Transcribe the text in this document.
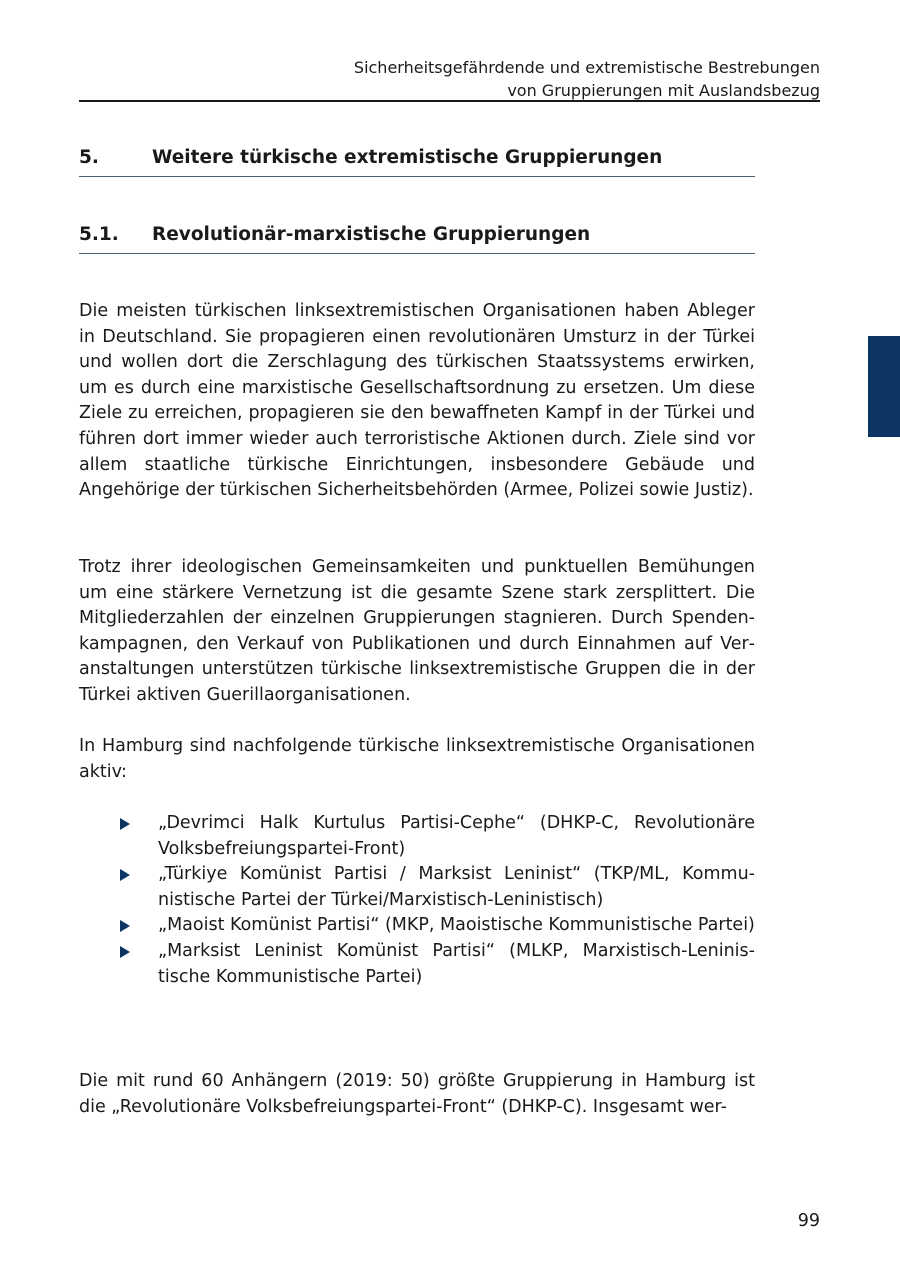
Sicherheitsgefährdende und extremistische Bestrebungen
von Gruppierungen mit Auslandsbezug
5.	Weitere türkische extremistische Gruppierungen
5.1. Revolutionär-marxistische Gruppierungen

Die meisten türkischen linksextremistischen Organisationen haben Ableger in Deutschland. Sie propagieren einen revolutionären Umsturz in der Türkei und wollen dort die Zerschlagung des türkischen Staatssystems erwirken, um es durch eine marxistische Gesellschaftsordnung zu ersetzen. Um diese Ziele zu erreichen, propagieren sie den bewaffneten Kampf in der Türkei und führen dort immer wieder auch terroristische Aktionen durch. Ziele sind vor allem staatliche türkische Einrichtungen, insbesondere Gebäude und Angehörige der türkischen Sicherheitsbehörden (Armee, Polizei sowie Justiz).

Trotz ihrer ideologischen Gemeinsamkeiten und punktuellen Bemühungen um eine stärkere Vernetzung ist die gesamte Szene stark zersplittert. Die Mitgliederzahlen der einzelnen Gruppierungen stagnieren. Durch Spendenkampagnen, den Verkauf von Publikationen und durch Einnahmen auf Veranstaltungen unterstützen türkische linksextremistische Gruppen die in der Türkei aktiven Guerillaorganisationen.

In Hamburg sind nachfolgende türkische linksextremistische Organisationen aktiv:

„Devrimci Halk Kurtulus Partisi-Cephe“ (DHKP-C, Revolutionäre Volksbefreiungspartei-Front)
„Türkiye Komünist Partisi / Marksist Leninist“ (TKP/ML, Kommunistische Partei der Türkei/Marxistisch-Leninistisch)
„Maoist Komünist Partisi“ (MKP, Maoistische Kommunistische Partei)
„Marksist Leninist Komünist Partisi“ (MLKP, Marxistisch-Leninistische Kommunistische Partei)

Die mit rund 60 Anhängern (2019: 50) größte Gruppierung in Hamburg ist die „Revolutionäre Volksbefreiungspartei-Front“ (DHKP-C). Insgesamt wer-

99
